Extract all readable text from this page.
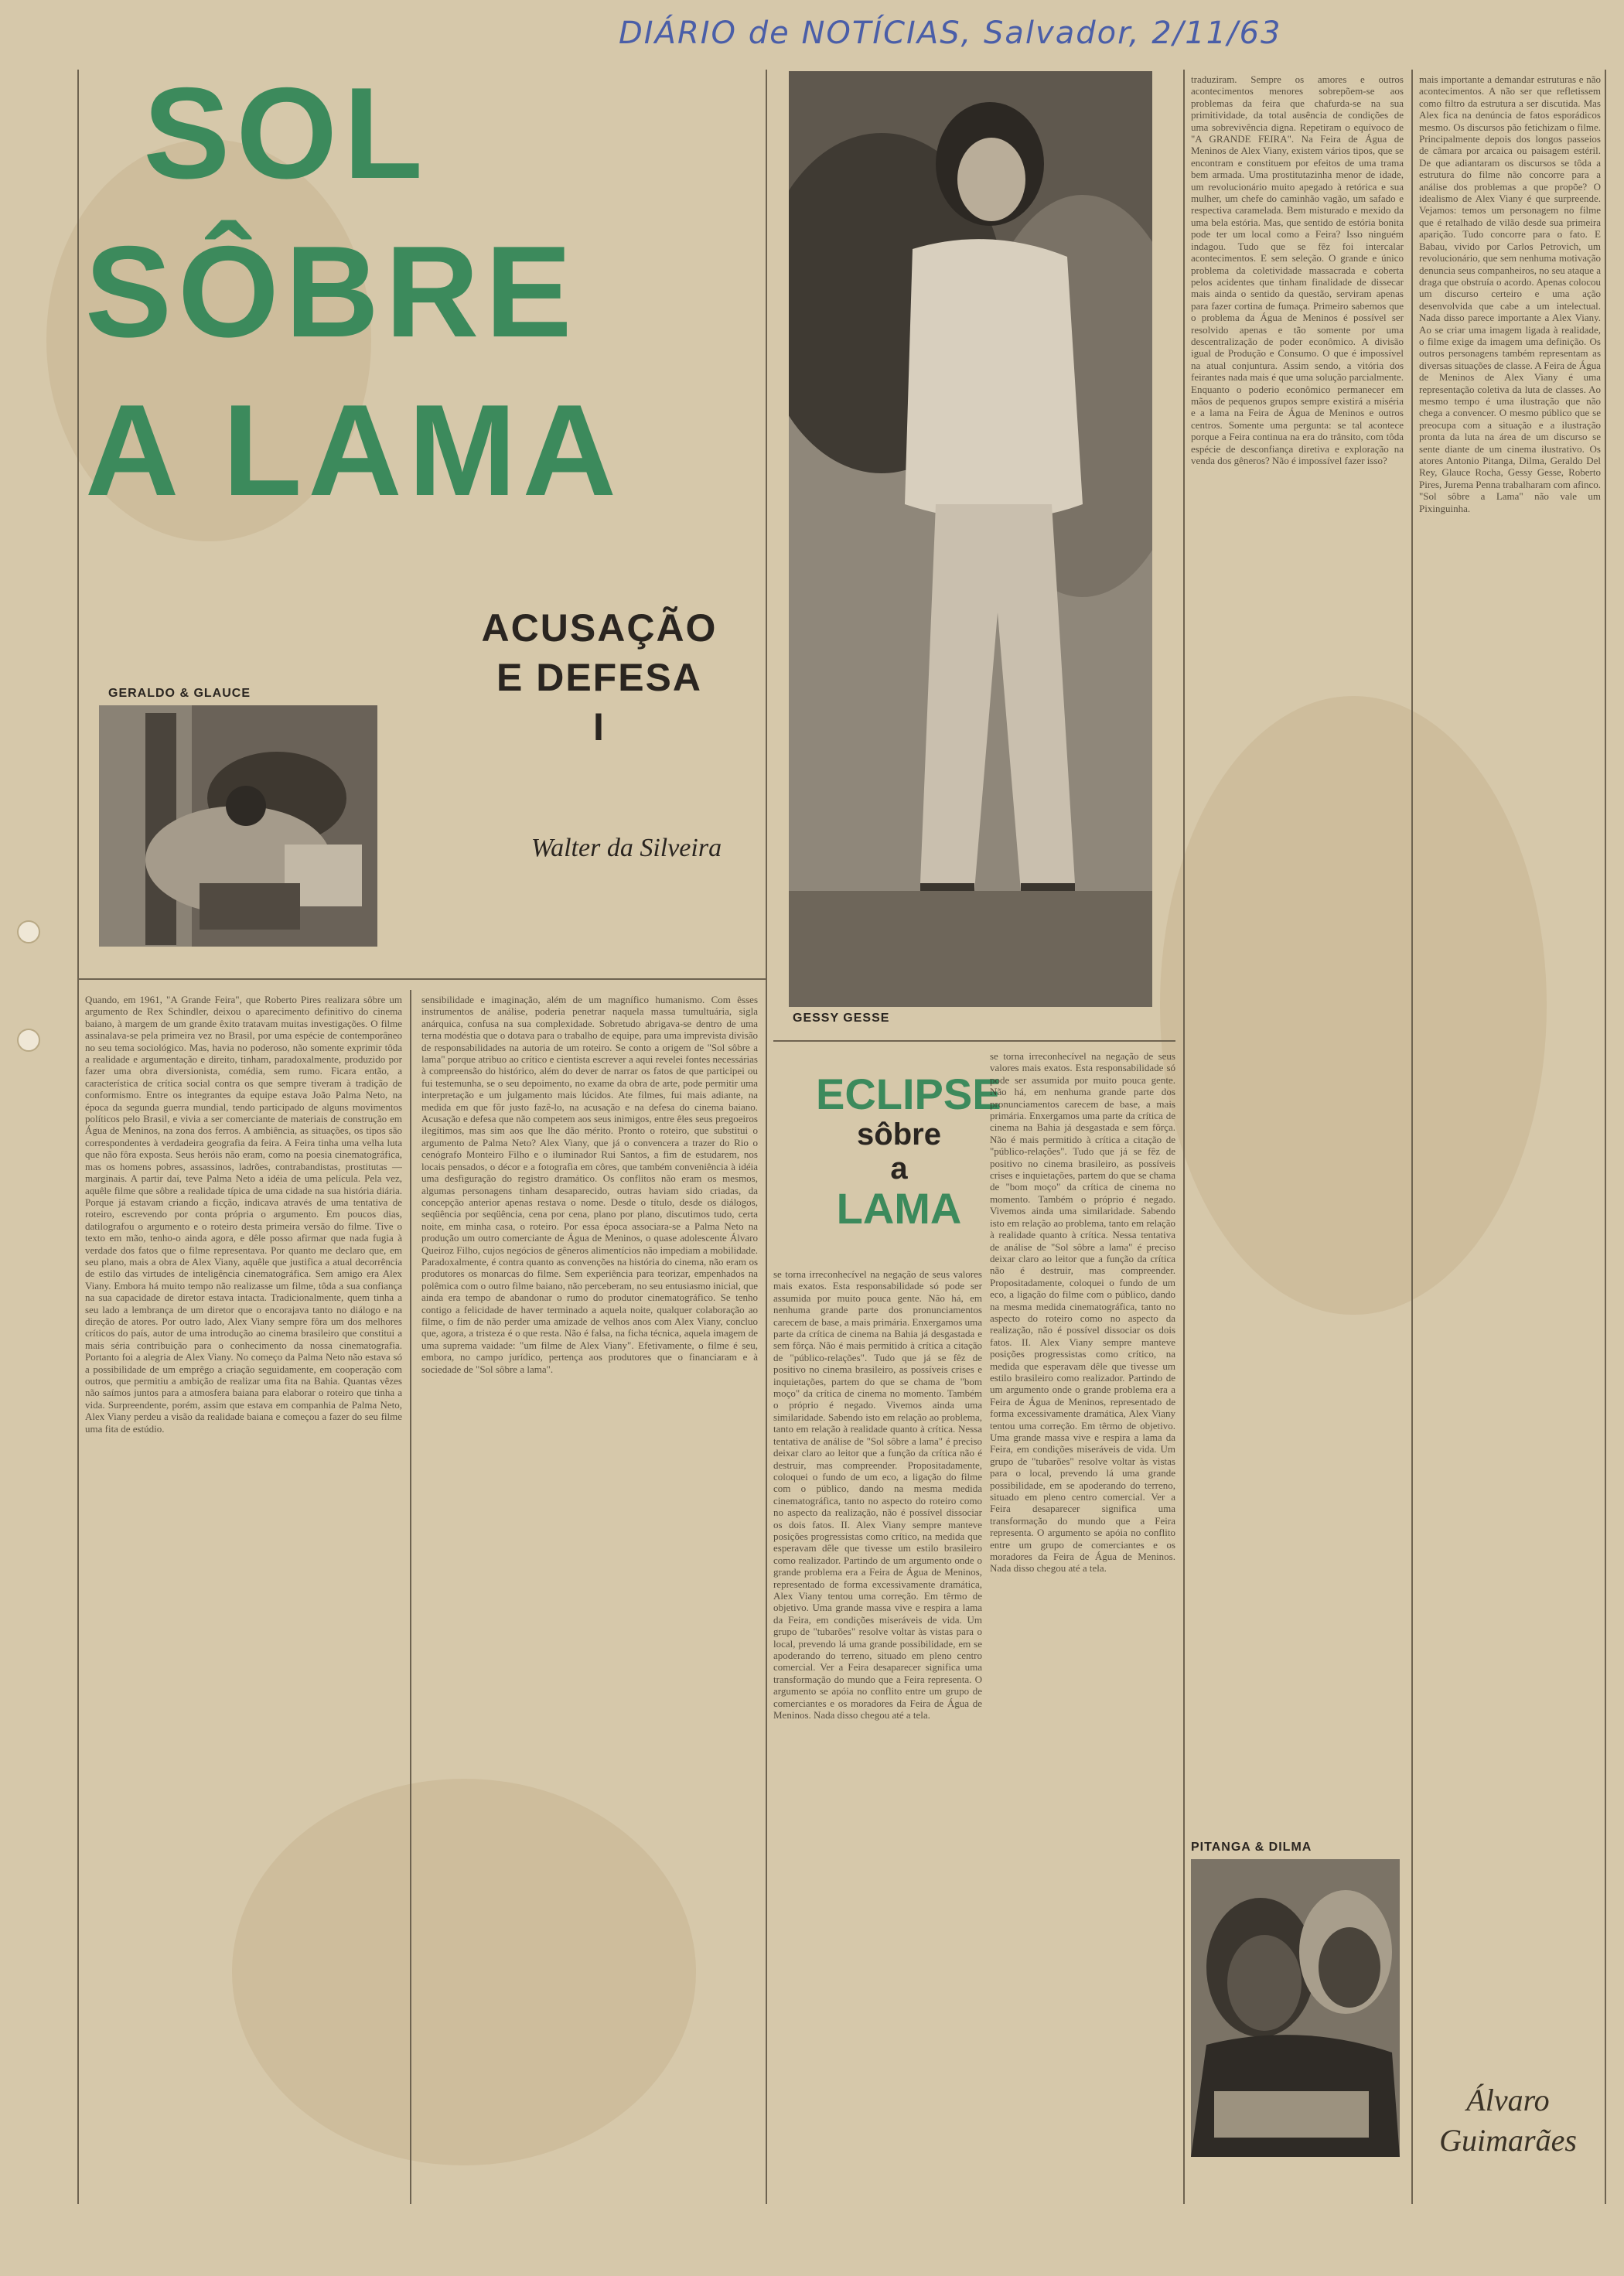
DIÁRIO de NOTÍCIAS, Salvador, 2/11/63
SOL
SÔBRE
A LAMA
ACUSAÇÃO
E DEFESA
I
Walter da Silveira
GERALDO & GLAUCE
GESSY GESSE
ECLIPSE
sôbre
a
LAMA
PITANGA & DILMA
Quando, em 1961, "A Grande Feira", que Roberto Pires realizara sôbre um argumento de Rex Schindler, deixou o aparecimento definitivo do cinema baiano, à margem de um grande êxito tratavam muitas investigações. O filme assinalava-se pela primeira vez no Brasil, por uma espécie de contemporâneo no seu tema sociológico. Mas, havia no poderoso, não somente exprimir tôda a realidade e argumentação e direito, tinham, paradoxalmente, produzido por fazer uma obra diversionista, comédia, sem rumo. Ficara então, a característica de crítica social contra os que sempre tiveram à tradição de conformismo. Entre os integrantes da equipe estava João Palma Neto, na época da segunda guerra mundial, tendo participado de alguns movimentos políticos pelo Brasil, e vivia a ser comerciante de materiais de construção em Água de Meninos, na zona dos ferros. A ambiência, as situações, os tipos são correspondentes à verdadeira geografia da feira. A Feira tinha uma velha luta que não fôra exposta. Seus heróis não eram, como na poesia cinematográfica, mas os homens pobres, assassinos, ladrões, contrabandistas, prostitutas — marginais. A partir daí, teve Palma Neto a idéia de uma película. Pela vez, aquêle filme que sôbre a realidade típica de uma cidade na sua história diária. Porque já estavam criando a ficção, indicava através de uma tentativa de roteiro, escrevendo por conta própria o argumento. Em poucos dias, datilografou o argumento e o roteiro desta primeira versão do filme. Tive o texto em mão, tenho-o ainda agora, e dêle posso afirmar que nada fugia à verdade dos fatos que o filme representava. Por quanto me declaro que, em seu plano, mais a obra de Alex Viany, aquêle que justifica a atual decorrência de estilo das virtudes de inteligência cinematográfica. Sem amigo era Alex Viany. Embora há muito tempo não realizasse um filme, tôda a sua confiança na sua capacidade de diretor estava intacta. Tradicionalmente, quem tinha a seu lado a lembrança de um diretor que o encorajava tanto no diálogo e na direção de atores. Por outro lado, Alex Viany sempre fôra um dos melhores críticos do país, autor de uma introdução ao cinema brasileiro que constitui a mais séria contribuição para o conhecimento da nossa cinematografia. Portanto foi a alegria de Alex Viany. No começo da Palma Neto não estava só a possibilidade de um emprêgo a criação seguidamente, em cooperação com outros, que permitiu a ambição de realizar uma fita na Bahia. Quantas vêzes não saímos juntos para a atmosfera baiana para elaborar o roteiro que tinha a vida. Surpreendente, porém, assim que estava em companhia de Palma Neto, Alex Viany perdeu a visão da realidade baiana e começou a fazer do seu filme uma fita de estúdio.
sensibilidade e imaginação, além de um magnífico humanismo. Com êsses instrumentos de análise, poderia penetrar naquela massa tumultuária, sigla anárquica, confusa na sua complexidade. Sobretudo abrigava-se dentro de uma terna modéstia que o dotava para o trabalho de equipe, para uma imprevista divisão de responsabilidades na autoria de um roteiro. Se conto a origem de "Sol sôbre a lama" porque atribuo ao crítico e cientista escrever a aqui revelei fontes necessárias à compreensão do histórico, além do dever de narrar os fatos de que participei ou fui testemunha, se o seu depoimento, no exame da obra de arte, pode permitir uma interpretação e um julgamento mais lúcidos. Ate filmes, fui mais adiante, na medida em que fôr justo fazê-lo, na acusação e na defesa do cinema baiano. Acusação e defesa que não competem aos seus inimigos, entre êles seus pregoeiros ilegítimos, mas sim aos que lhe dão mérito. Pronto o roteiro, que substitui o argumento de Palma Neto? Alex Viany, que já o convencera a trazer do Rio o cenógrafo Monteiro Filho e o iluminador Rui Santos, a fim de estudarem, nos locais pensados, o décor e a fotografia em côres, que também conveniência à idéia uma desfiguração do registro dramático. Os conflitos não eram os mesmos, algumas personagens tinham desaparecido, outras haviam sido criadas, da concepção anterior apenas restava o nome. Desde o título, desde os diálogos, seqüência por seqüência, cena por cena, plano por plano, discutimos tudo, certa noite, em minha casa, o roteiro. Por essa época associara-se a Palma Neto na produção um outro comerciante de Água de Meninos, o quase adolescente Álvaro Queiroz Filho, cujos negócios de gêneros alimentícios não impediam a mobilidade. Paradoxalmente, é contra quanto as convenções na história do cinema, não eram os produtores os monarcas do filme. Sem experiência para teorizar, empenhados na polêmica com o outro filme baiano, não perceberam, no seu entusiasmo inicial, que ainda era tempo de abandonar o rumo do produtor cinematográfico. Se tenho contigo a felicidade de haver terminado a aquela noite, qualquer colaboração ao filme, o fim de não perder uma amizade de velhos anos com Alex Viany, concluo que, agora, a tristeza é o que resta. Não é falsa, na ficha técnica, aquela imagem de uma suprema vaidade: "um filme de Alex Viany". Efetivamente, o filme é seu, embora, no campo jurídico, pertença aos produtores que o financiaram e à sociedade de "Sol sôbre a lama".
se torna irreconhecível na negação de seus valores mais exatos. Esta responsabilidade só pode ser assumida por muito pouca gente. Não há, em nenhuma grande parte dos pronunciamentos carecem de base, a mais primária. Enxergamos uma parte da crítica de cinema na Bahia já desgastada e sem fôrça. Não é mais permitido à crítica a citação de "público-relações". Tudo que já se fêz de positivo no cinema brasileiro, as possíveis crises e inquietações, partem do que se chama de "bom moço" da crítica de cinema no momento. Também o próprio é negado. Vivemos ainda uma similaridade. Sabendo isto em relação ao problema, tanto em relação à realidade quanto à crítica. Nessa tentativa de análise de "Sol sôbre a lama" é preciso deixar claro ao leitor que a função da crítica não é destruir, mas compreender. Propositadamente, coloquei o fundo de um eco, a ligação do filme com o público, dando na mesma medida cinematográfica, tanto no aspecto do roteiro como no aspecto da realização, não é possível dissociar os dois fatos. II. Alex Viany sempre manteve posições progressistas como crítico, na medida que esperavam dêle que tivesse um estilo brasileiro como realizador. Partindo de um argumento onde o grande problema era a Feira de Água de Meninos, representado de forma excessivamente dramática, Alex Viany tentou uma correção. Em têrmo de objetivo. Uma grande massa vive e respira a lama da Feira, em condições miseráveis de vida. Um grupo de "tubarões" resolve voltar às vistas para o local, prevendo lá uma grande possibilidade, em se apoderando do terreno, situado em pleno centro comercial. Ver a Feira desaparecer significa uma transformação do mundo que a Feira representa. O argumento se apóia no conflito entre um grupo de comerciantes e os moradores da Feira de Água de Meninos. Nada disso chegou até a tela.
se torna irreconhecível na negação de seus valores mais exatos. Esta responsabilidade só pode ser assumida por muito pouca gente. Não há, em nenhuma grande parte dos pronunciamentos carecem de base, a mais primária. Enxergamos uma parte da crítica de cinema na Bahia já desgastada e sem fôrça. Não é mais permitido à crítica a citação de "público-relações". Tudo que já se fêz de positivo no cinema brasileiro, as possíveis crises e inquietações, partem do que se chama de "bom moço" da crítica de cinema no momento. Também o próprio é negado. Vivemos ainda uma similaridade. Sabendo isto em relação ao problema, tanto em relação à realidade quanto à crítica. Nessa tentativa de análise de "Sol sôbre a lama" é preciso deixar claro ao leitor que a função da crítica não é destruir, mas compreender. Propositadamente, coloquei o fundo de um eco, a ligação do filme com o público, dando na mesma medida cinematográfica, tanto no aspecto do roteiro como no aspecto da realização, não é possível dissociar os dois fatos. II. Alex Viany sempre manteve posições progressistas como crítico, na medida que esperavam dêle que tivesse um estilo brasileiro como realizador. Partindo de um argumento onde o grande problema era a Feira de Água de Meninos, representado de forma excessivamente dramática, Alex Viany tentou uma correção. Em têrmo de objetivo. Uma grande massa vive e respira a lama da Feira, em condições miseráveis de vida. Um grupo de "tubarões" resolve voltar às vistas para o local, prevendo lá uma grande possibilidade, em se apoderando do terreno, situado em pleno centro comercial. Ver a Feira desaparecer significa uma transformação do mundo que a Feira representa. O argumento se apóia no conflito entre um grupo de comerciantes e os moradores da Feira de Água de Meninos. Nada disso chegou até a tela.
traduziram. Sempre os amores e outros acontecimentos menores sobrepõem-se aos problemas da feira que chafurda-se na sua primitividade, da total ausência de condições de uma sobrevivência digna. Repetiram o equívoco de "A GRANDE FEIRA". Na Feira de Água de Meninos de Alex Viany, existem vários tipos, que se encontram e constituem por efeitos de uma trama bem armada. Uma prostitutazinha menor de idade, um revolucionário muito apegado à retórica e sua mulher, um chefe do caminhão vagão, um safado e respectiva caramelada. Bem misturado e mexido da uma bela estória. Mas, que sentido de estória bonita pode ter um local como a Feira? Isso ninguém indagou. Tudo que se fêz foi intercalar acontecimentos. E sem seleção. O grande e único problema da coletividade massacrada e coberta pelos acidentes que tinham finalidade de dissecar mais ainda o sentido da questão, serviram apenas para fazer cortina de fumaça. Primeiro sabemos que o problema da Água de Meninos é possível ser resolvido apenas e tão somente por uma descentralização de poder econômico. A divisão igual de Produção e Consumo. O que é impossível na atual conjuntura. Assim sendo, a vitória dos feirantes nada mais é que uma solução parcialmente. Enquanto o poderio econômico permanecer em mãos de pequenos grupos sempre existirá a miséria e a lama na Feira de Água de Meninos e outros centros. Somente uma pergunta: se tal acontece porque a Feira continua na era do trânsito, com tôda espécie de desconfiança diretiva e exploração na venda dos gêneros? Não é impossível fazer isso?
mais importante a demandar estruturas e não acontecimentos. A não ser que refletissem como filtro da estrutura a ser discutida. Mas Alex fica na denúncia de fatos esporádicos mesmo. Os discursos pão fetichizam o filme. Principalmente depois dos longos passeios de câmara por arcaica ou paisagem estéril. De que adiantaram os discursos se tôda a estrutura do filme não concorre para a análise dos problemas a que propõe? O idealismo de Alex Viany é que surpreende. Vejamos: temos um personagem no filme que é retalhado de vilão desde sua primeira aparição. Tudo concorre para o fato. E Babau, vivido por Carlos Petrovich, um revolucionário, que sem nenhuma motivação denuncia seus companheiros, no seu ataque a draga que obstruía o acordo. Apenas colocou um discurso certeiro e uma ação desenvolvida que cabe a um intelectual. Nada disso parece importante a Alex Viany. Ao se criar uma imagem ligada à realidade, o filme exige da imagem uma definição. Os outros personagens também representam as diversas situações de classe. A Feira de Água de Meninos de Alex Viany é uma representação coletiva da luta de classes. Ao mesmo tempo é uma ilustração que não chega a convencer. O mesmo público que se preocupa com a situação e a ilustração pronta da luta na área de um discurso se sente diante de um cinema ilustrativo. Os atores Antonio Pitanga, Dilma, Geraldo Del Rey, Glauce Rocha, Gessy Gesse, Roberto Pires, Jurema Penna trabalharam com afinco. "Sol sôbre a Lama" não vale um Pixinguinha.
Álvaro
Guimarães
